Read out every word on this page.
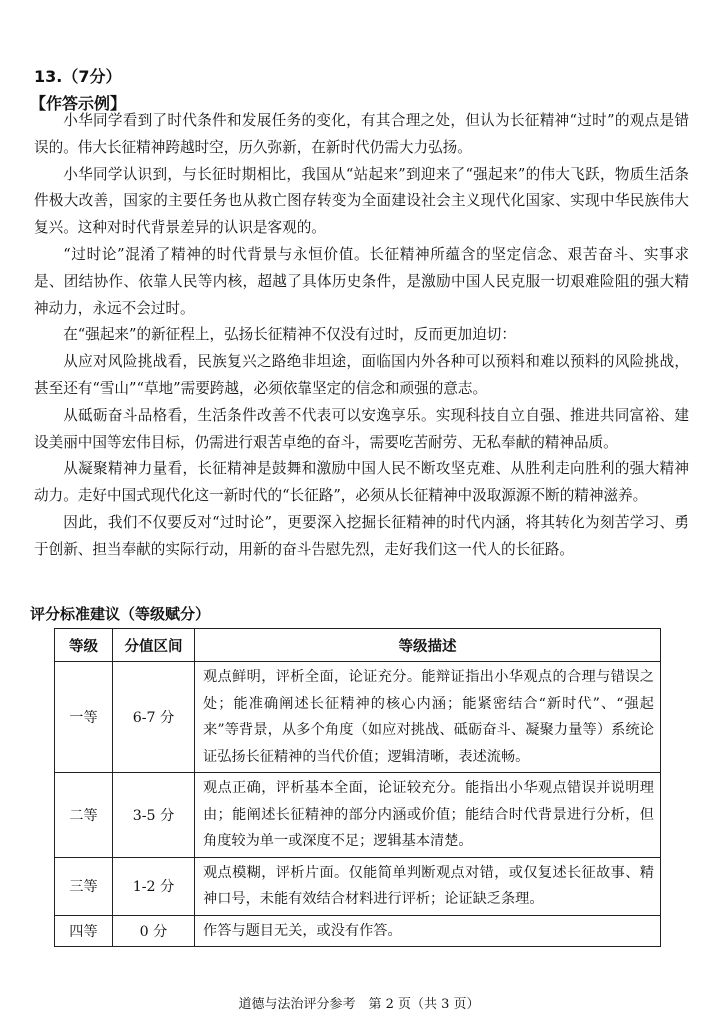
13.（7分）

【作答示例】

小华同学看到了时代条件和发展任务的变化，有其合理之处，但认为长征精神“过时”的观点是错误的。伟大长征精神跨越时空，历久弥新，在新时代仍需大力弘扬。

小华同学认识到，与长征时期相比，我国从“站起来”到迎来了“强起来”的伟大飞跃，物质生活条件极大改善，国家的主要任务也从救亡图存转变为全面建设社会主义现代化国家、实现中华民族伟大复兴。这种对时代背景差异的认识是客观的。

“过时论”混淆了精神的时代背景与永恒价值。长征精神所蕴含的坚定信念、艰苦奋斗、实事求是、团结协作、依靠人民等内核，超越了具体历史条件，是激励中国人民克服一切艰难险阻的强大精神动力，永远不会过时。

在“强起来”的新征程上，弘扬长征精神不仅没有过时，反而更加迫切：

从应对风险挑战看，民族复兴之路绝非坦途，面临国内外各种可以预料和难以预料的风险挑战，甚至还有“雪山”“草地”需要跨越，必须依靠坚定的信念和顽强的意志。

从砥砺奋斗品格看，生活条件改善不代表可以安逸享乐。实现科技自立自强、推进共同富裕、建设美丽中国等宏伟目标，仍需进行艰苦卓绝的奋斗，需要吃苦耐劳、无私奉献的精神品质。

从凝聚精神力量看，长征精神是鼓舞和激励中国人民不断攻坚克难、从胜利走向胜利的强大精神动力。走好中国式现代化这一新时代的“长征路”，必须从长征精神中汲取源源不断的精神滋养。

因此，我们不仅要反对“过时论”，更要深入挖掘长征精神的时代内涵，将其转化为刻苦学习、勇于创新、担当奉献的实际行动，用新的奋斗告慰先烈，走好我们这一代人的长征路。

评分标准建议（等级赋分）

等级	分值区间	等级描述
一等	6-7 分	观点鲜明，评析全面，论证充分。能辩证指出小华观点的合理与错误之处；能准确阐述长征精神的核心内涵；能紧密结合“新时代”、“强起来”等背景，从多个角度（如应对挑战、砥砺奋斗、凝聚力量等）系统论证弘扬长征精神的当代价值；逻辑清晰，表述流畅。
二等	3-5 分	观点正确，评析基本全面，论证较充分。能指出小华观点错误并说明理由；能阐述长征精神的部分内涵或价值；能结合时代背景进行分析，但角度较为单一或深度不足；逻辑基本清楚。
三等	1-2 分	观点模糊，评析片面。仅能简单判断观点对错，或仅复述长征故事、精神口号，未能有效结合材料进行评析；论证缺乏条理。
四等	0 分	作答与题目无关，或没有作答。

道德与法治评分参考　第 2 页（共 3 页）
